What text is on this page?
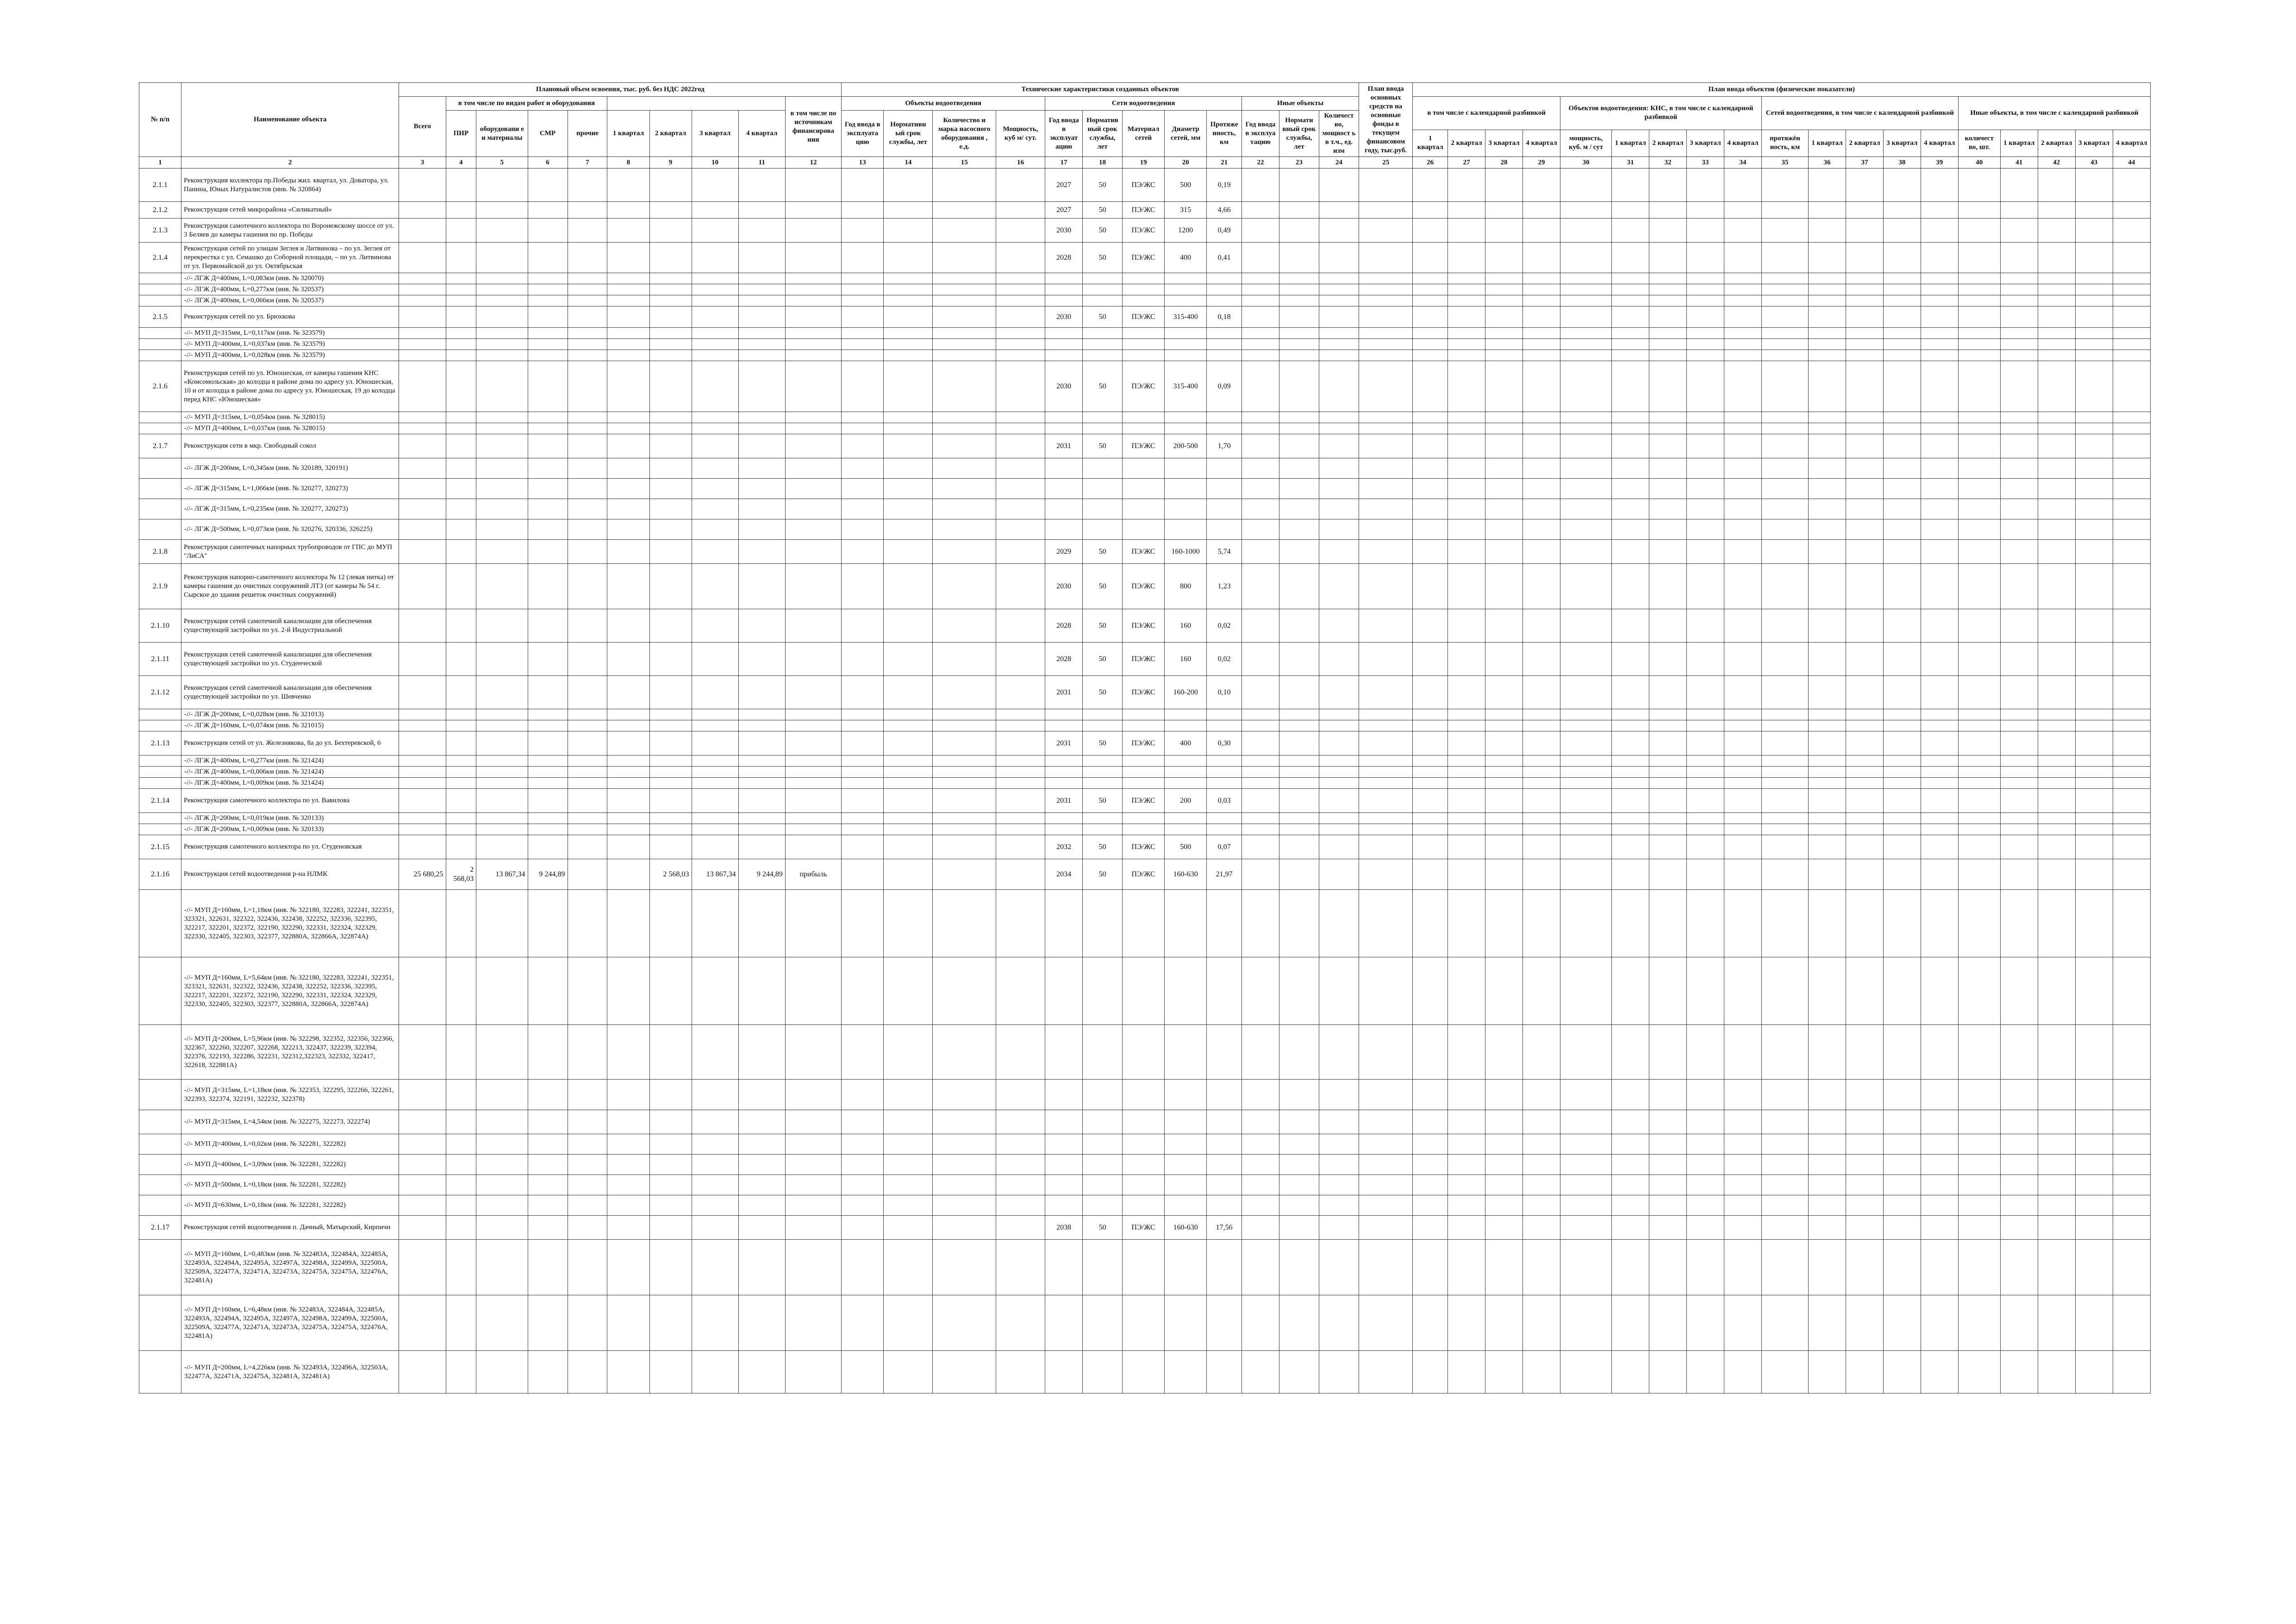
№ п/п	Наименование объекта	Плановый объем освоения, тыс. руб. без НДС 2022год										Технические характеристики созданных объектов												План ввода основных средств на основные фонды в текущем финансовом году, тыс.руб.	План ввода объектов (физические показатели)																		
		Всего	в том числе по видам работ и оборудования								в том числе по источникам финансирова ния	Объекты водоотведения				Сети водоотведения					Иные объекты				в том числе с календарной разбивкой				Объектов водоотведения: КНС, в том числе с календарной разбивкой					Сетей водоотведения, в том числе с календарной разбивкой					Иные объекты, в том числе с календарной разбивкой				
			ПИР	оборудовани е и материалы	СМР	прочие	1 квартал	2 квартал	3 квартал	4 квартал		Год ввода в эксплуата цию	Нормативн ый срок службы, лет	Количество и марка насосного оборудования , е.д.	Мощность, куб м/ сут.	Год ввода в эксплуат ацию	Норматив ный срок службы, лет	Материал сетей	Диаметр сетей, мм	Протяже нность, км	Год ввода в эксплуа тацию	Нормати вный срок службы, лет	Количест во, мощност ь в т.ч., ед. изм																				
																									1 квартал	2 квартал	3 квартал	4 квартал	мощность, куб. м / сут	1 квартал	2 квартал	3 квартал	4 квартал	протяжён ность, км	1 квартал	2 квартал	3 квартал	4 квартал	количест во, шт.	1 квартал	2 квартал	3 квартал	4 квартал
1	2	3	4	5	6	7	8	9	10	11	12	13	14	15	16	17	18	19	20	21	22	23	24	25	26	27	28	29	30	31	32	33	34	35	36	37	38	39	40	41	42	43	44
2.1.1	Реконструкция коллектора пр.Победы жил. квартал, ул. Доватора, ул. Панина, Юных Натуралистов (инв. № 320864)															2027	50	ПЭ/ЖС	500	0,19																							
2.1.2	Реконструкция сетей микрорайона «Силикатный»															2027	50	ПЭ/ЖС	315	4,66																							
2.1.3	Реконструкция самотечного коллектора по Воронежскому шоссе от ул. 3 Беляев до камеры гашения по пр. Победы															2030	50	ПЭ/ЖС	1200	0,49																							
2.1.4	Реконструкция сетей по улицам Зеглея и Литвинова – по ул. Зеглея от перекрестка с ул. Семашко до Соборной площади, – по ул. Литвинова от ул. Первомайской до ул. Октябрьская															2028	50	ПЭ/ЖС	400	0,41																							
	-//- ЛГЖ Д=400мм, L=0,083км (инв. № 320070)																																										
	-//- ЛГЖ Д=400мм, L=0,277км (инв. № 320537)																																										
	-//- ЛГЖ Д=400мм, L=0,066км (инв. № 320537)																																										
2.1.5	Реконструкция сетей по ул. Брюхкова															2030	50	ПЭ/ЖС	315-400	0,18																							
	-//- МУП Д=315мм, L=0,117км (инв. № 323579)																																										
	-//- МУП Д=400мм, L=0,037км (инв. № 323579)																																										
	-//- МУП Д=400мм, L=0,028км (инв. № 323579)																																										
2.1.6	Реконструкция сетей по ул. Юношеская, от камеры гашения КНС «Комсомольская» до колодца в районе дома по адресу ул. Юношеская, 10 и от колодца в районе дома по адресу ул. Юношеская, 19 до колодца перед КНС «Юношеская»															2030	50	ПЭ/ЖС	315-400	0,09																							
	-//- МУП Д=315мм, L=0,054км (инв. № 328015)																																										
	-//- МУП Д=400мм, L=0,037км (инв. № 328015)																																										
2.1.7	Реконструкция сети в мкр. Свободный сокол															2031	50	ПЭ/ЖС	200-500	1,70																							
	-//- ЛГЖ Д=200мм, L=0,345км (инв. № 320189, 320191)																																										
	-//- ЛГЖ Д=315мм, L=1,066км (инв. № 320277, 320273)																																										
	-//- ЛГЖ Д=315мм, L=0,235км (инв. № 320277, 320273)																																										
	-//- ЛГЖ Д=500мм, L=0,073км (инв. № 320276, 320336, 326225)																																										
2.1.8	Реконструкция самотечных напорных трубопроводов от ГПС до МУП "ЛиСА"															2029	50	ПЭ/ЖС	160-1000	5,74																							
2.1.9	Реконструкция напорно-самотечного коллектора № 12 (левая нитка) от камеры гашения до очистных сооружений ЛТЗ (от камеры № 54 г. Сырское до здания решеток очистных сооружений)															2030	50	ПЭ/ЖС	800	1,23																							
2.1.10	Реконструкция сетей самотечной канализации для обеспечения существующей застройки по ул. 2-й Индустриальной															2028	50	ПЭ/ЖС	160	0,02																							
2.1.11	Реконструкция сетей самотечной канализации для обеспечения существующей застройки по ул. Студенческой															2028	50	ПЭ/ЖС	160	0,02																							
2.1.12	Реконструкция сетей самотечной канализации для обеспечения существующей застройки по ул. Шевченко															2031	50	ПЭ/ЖС	160-200	0,10																							
	-//- ЛГЖ Д=200мм, L=0,028км (инв. № 321013)																																										
	-//- ЛГЖ Д=160мм, L=0,074км (инв. № 321015)																																										
2.1.13	Реконструкция сетей от ул. Железнякова, 8а до ул. Бехтеревской, 6															2031	50	ПЭ/ЖС	400	0,30																							
	-//- ЛГЖ Д=400мм, L=0,277км (инв. № 321424)																																										
	-//- ЛГЖ Д=400мм, L=0,006км (инв. № 321424)																																										
	-//- ЛГЖ Д=400мм, L=0,009км (инв. № 321424)																																										
2.1.14	Реконструкция самотечного коллектора по ул. Вавилова															2031	50	ПЭ/ЖС	200	0,03																							
	-//- ЛГЖ Д=200мм, L=0,019км (инв. № 320133)																																										
	-//- ЛГЖ Д=200мм, L=0,009км (инв. № 320133)																																										
2.1.15	Реконструкция самотечного коллектора по ул. Студеновская															2032	50	ПЭ/ЖС	500	0,07																							
2.1.16	Реконструкция сетей водоотведения р-на НЛМК	25 680,25	2 568,03	13 867,34	9 244,89			2 568,03	13 867,34	9 244,89	прибыль					2034	50	ПЭ/ЖС	160-630	21,97																							
	-//- МУП Д=160мм, L=1,18км (инв. № 322180, 322283, 322241, 322351, 323321, 322631, 322322, 322436, 322438, 322252, 322336, 322395, 322217, 322201, 322372, 322190, 322290, 322331, 322324, 322329, 322330, 322405, 322303, 322377, 322880А, 322866А, 322874А)																																										
	-//- МУП Д=160мм, L=5,64км (инв. № 322180, 322283, 322241, 322351, 323321, 322631, 322322, 322436, 322438, 322252, 322336, 322395, 322217, 322201, 322372, 322190, 322290, 322331, 322324, 322329, 322330, 322405, 322303, 322377, 322880А, 322866А, 322874А)																																										
	-//- МУП Д=200мм, L=5,96км (инв. № 322298, 322352, 322356, 322366, 322367, 322260, 322207, 322268, 322213, 322437, 322239, 322394, 322376, 322193, 322286, 322231, 322312,322323, 322332, 322417, 322618, 322881А)																																										
	-//- МУП Д=315мм, L=1,18км (инв. № 322353, 322295, 322266, 322261, 322393, 322374, 322191, 322232, 322378)																																										
	-//- МУП Д=315мм, L=4,54км (инв. № 322275, 322273, 322274)																																										
	-//- МУП Д=400мм, L=0,02км (инв. № 322281, 322282)																																										
	-//- МУП Д=400мм, L=3,09км (инв. № 322281, 322282)																																										
	-//- МУП Д=500мм, L=0,18км (инв. № 322281, 322282)																																										
	-//- МУП Д=630мм, L=0,18км (инв. № 322281, 322282)																																										
2.1.17	Реконструкция сетей водоотведения п. Дачный, Матырский, Кирпичн															2038	50	ПЭ/ЖС	160-630	17,56																							
	-//- МУП Д=160мм, L=0,483км (инв. № 322483А, 322484А, 322485А, 322493А, 322494А, 322495А, 322497А, 322498А, 322499А, 322500А, 322509А, 322477А, 322471А, 322473А, 322475А, 322475А, 322476А, 322481А)																																										
	-//- МУП Д=160мм, L=6,48км (инв. № 322483А, 322484А, 322485А, 322493А, 322494А, 322495А, 322497А, 322498А, 322499А, 322500А, 322509А, 322477А, 322471А, 322473А, 322475А, 322475А, 322476А, 322481А)																																										
	-//- МУП Д=200мм, L=4,226км (инв. № 322493А, 322496А, 322503А, 322477А, 322471А, 322475А, 322481А, 322481А)																																										
